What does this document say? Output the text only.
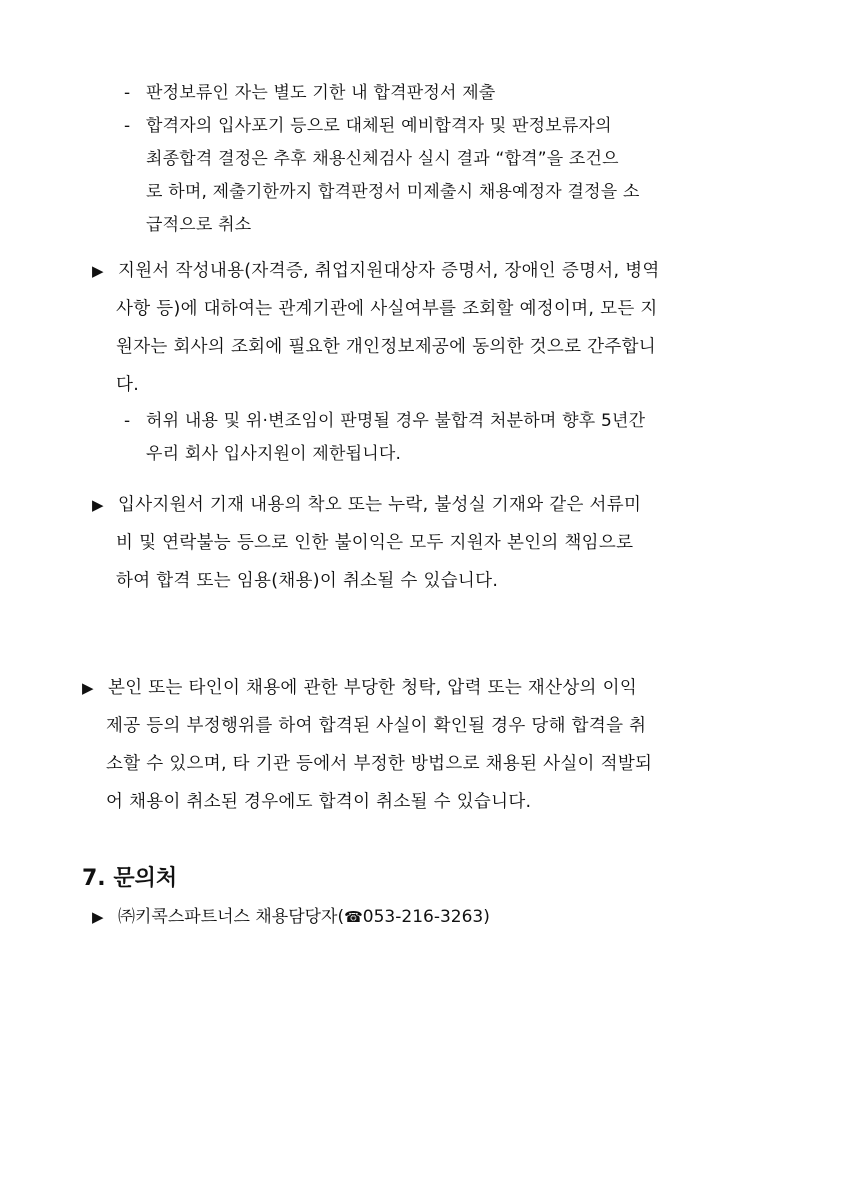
- 판정보류인 자는 별도 기한 내 합격판정서 제출
- 합격자의 입사포기 등으로 대체된 예비합격자 및 판정보류자의
최종합격 결정은 추후 채용신체검사 실시 결과 “합격”을 조건으
로 하며, 제출기한까지 합격판정서 미제출시 채용예정자 결정을 소
급적으로 취소
▶ 지원서 작성내용(자격증, 취업지원대상자 증명서, 장애인 증명서, 병역
사항 등)에 대하여는 관계기관에 사실여부를 조회할 예정이며, 모든 지
원자는 회사의 조회에 필요한 개인정보제공에 동의한 것으로 간주합니
다.
- 허위 내용 및 위·변조임이 판명될 경우 불합격 처분하며 향후 5년간
우리 회사 입사지원이 제한됩니다.
▶ 입사지원서 기재 내용의 착오 또는 누락, 불성실 기재와 같은 서류미
비 및 연락불능 등으로 인한 불이익은 모두 지원자 본인의 책임으로
하여 합격 또는 임용(채용)이 취소될 수 있습니다.
▶ 본인 또는 타인이 채용에 관한 부당한 청탁, 압력 또는 재산상의 이익
제공 등의 부정행위를 하여 합격된 사실이 확인될 경우 당해 합격을 취
소할 수 있으며, 타 기관 등에서 부정한 방법으로 채용된 사실이 적발되
어 채용이 취소된 경우에도 합격이 취소될 수 있습니다.
7. 문의처
▶ ㈜키콕스파트너스 채용담당자(☎053-216-3263)
